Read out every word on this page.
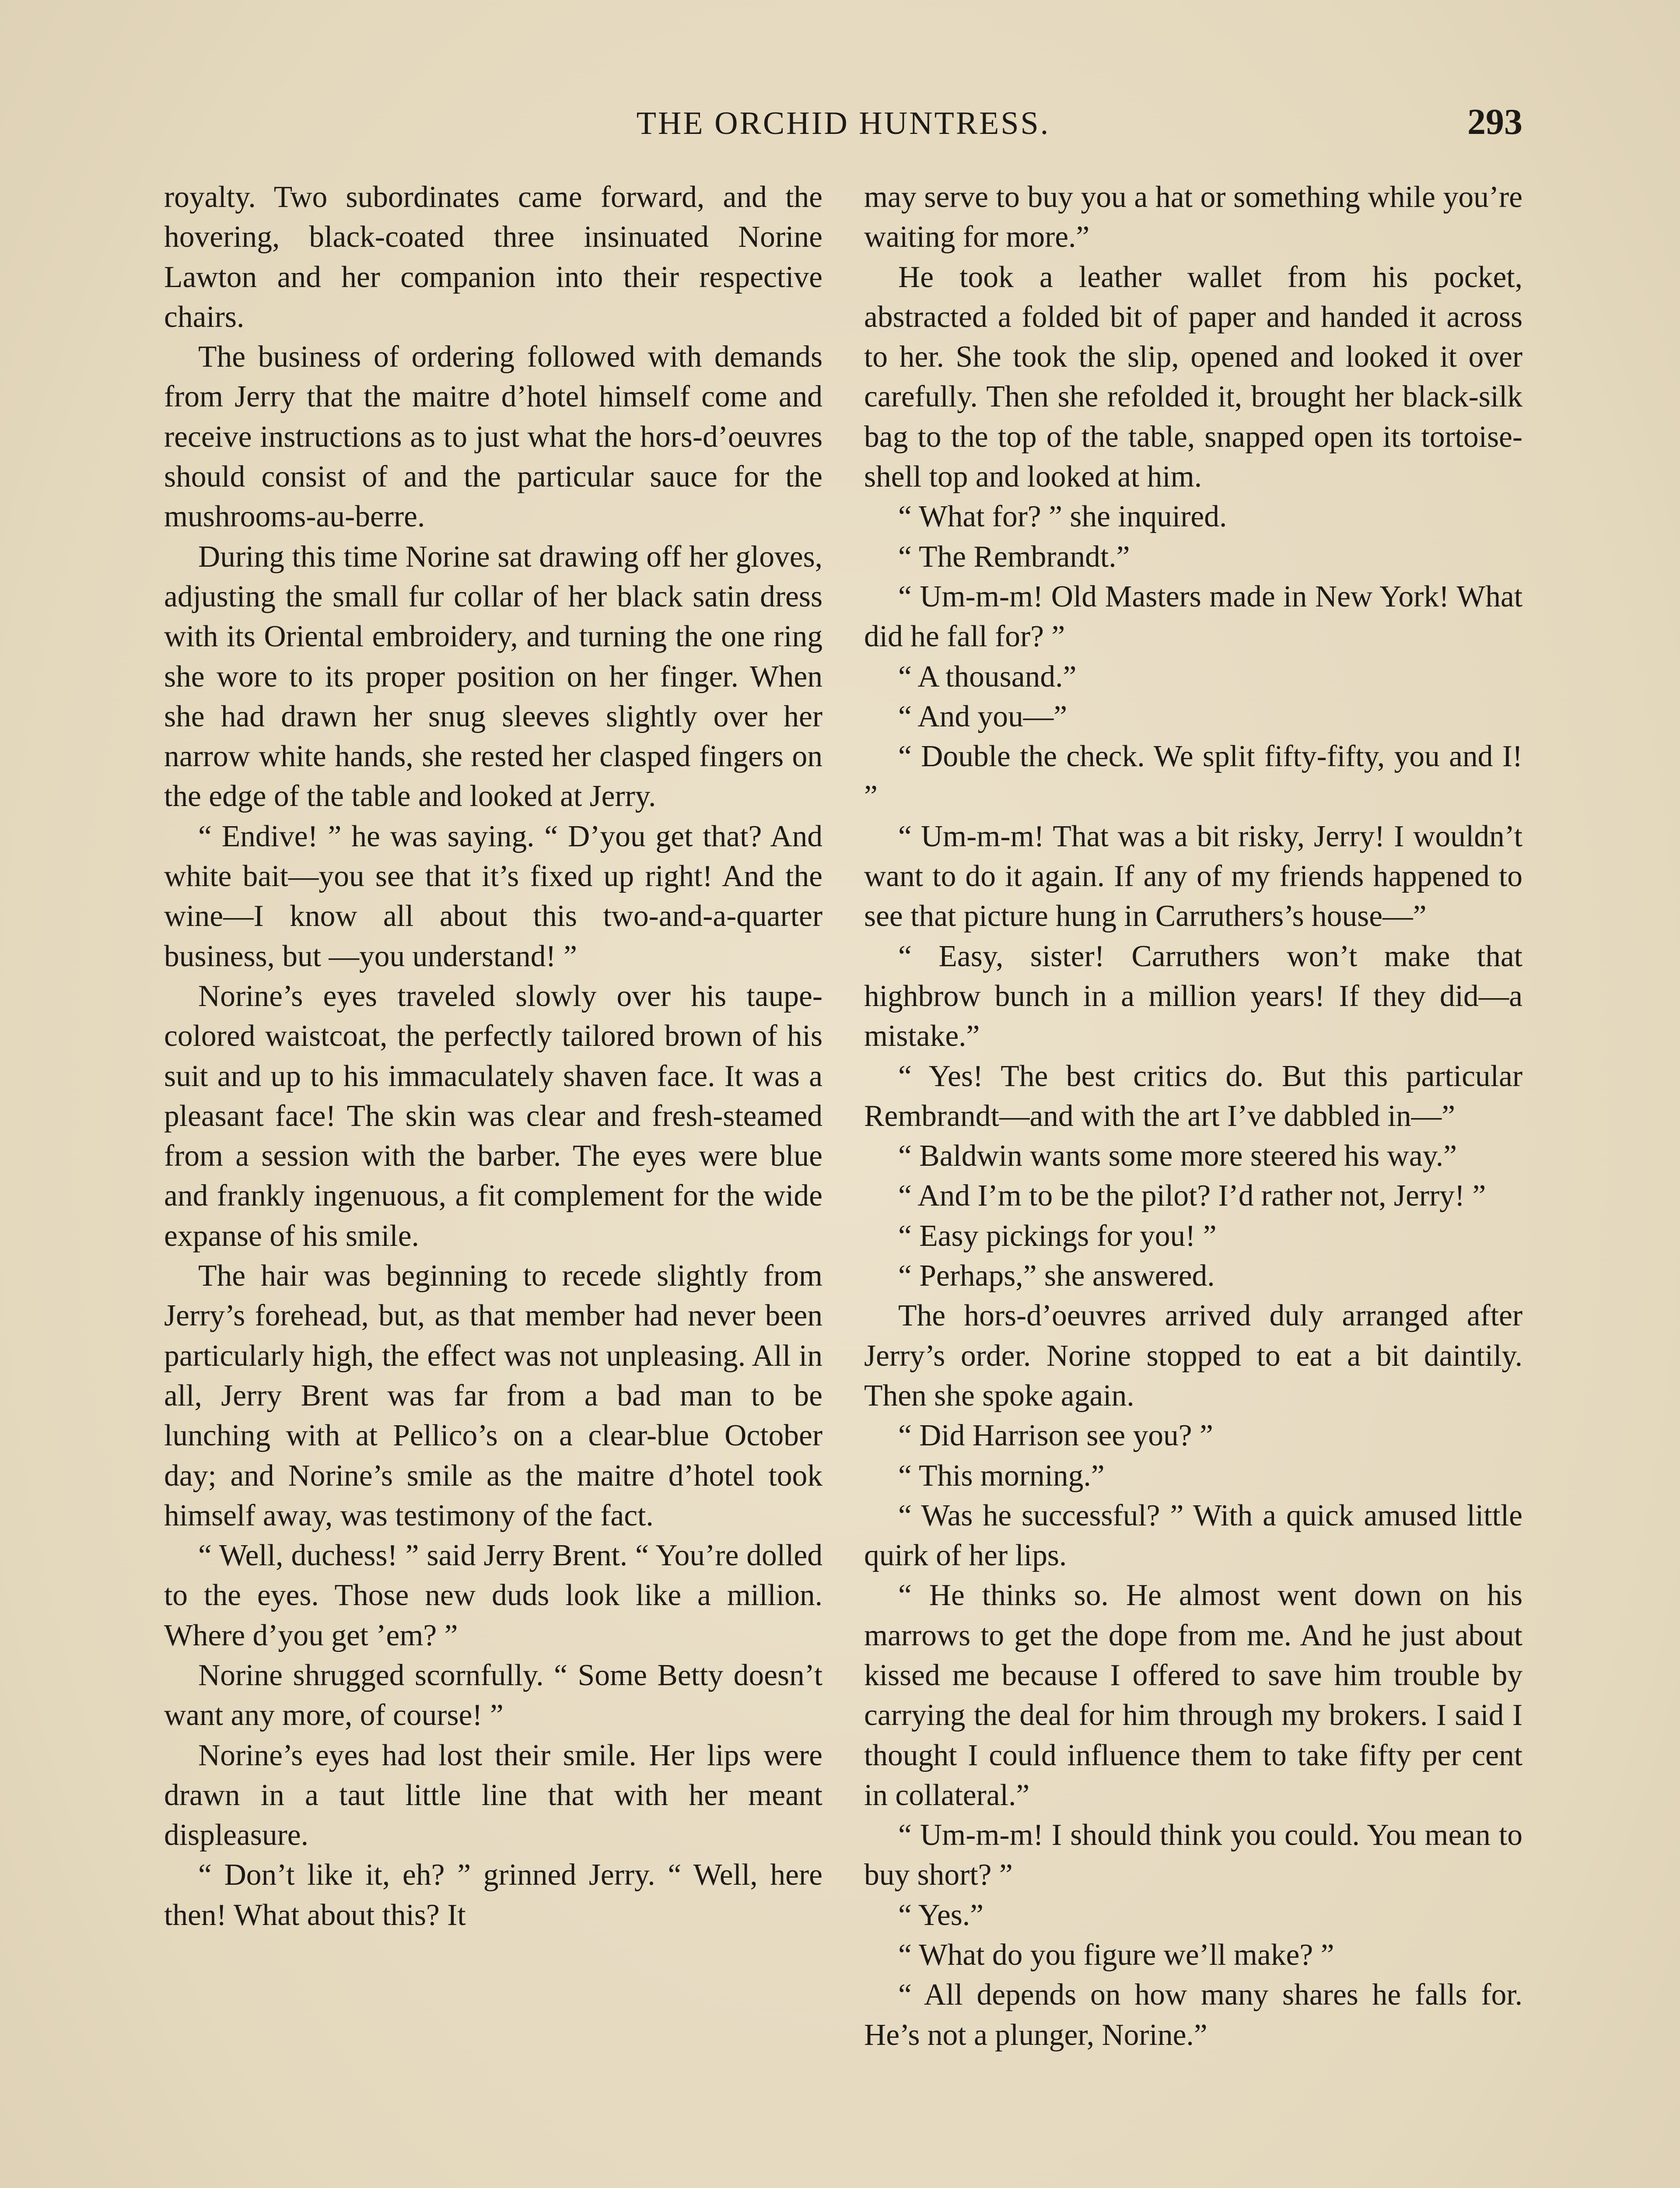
THE ORCHID HUNTRESS.	293

royalty. Two subordinates came forward, and the hovering, black-coated three insinuated Norine Lawton and her companion into their respective chairs.

The business of ordering followed with demands from Jerry that the maitre d’hotel himself come and receive instructions as to just what the hors-d’oeuvres should consist of and the particular sauce for the mushrooms-au-berre.

During this time Norine sat drawing off her gloves, adjusting the small fur collar of her black satin dress with its Oriental embroidery, and turning the one ring she wore to its proper position on her finger. When she had drawn her snug sleeves slightly over her narrow white hands, she rested her clasped fingers on the edge of the table and looked at Jerry.

“ Endive! ” he was saying. “ D’you get that? And white bait—you see that it’s fixed up right! And the wine—I know all about this two-and-a-quarter business, but —you understand! ”

Norine’s eyes traveled slowly over his taupe-colored waistcoat, the perfectly tailored brown of his suit and up to his immaculately shaven face. It was a pleasant face! The skin was clear and fresh-steamed from a session with the barber. The eyes were blue and frankly ingenuous, a fit complement for the wide expanse of his smile.

The hair was beginning to recede slightly from Jerry’s forehead, but, as that member had never been particularly high, the effect was not unpleasing. All in all, Jerry Brent was far from a bad man to be lunching with at Pellico’s on a clear-blue October day; and Norine’s smile as the maitre d’hotel took himself away, was testimony of the fact.

“ Well, duchess! ” said Jerry Brent. “ You’re dolled to the eyes. Those new duds look like a million. Where d’you get ’em? ”

Norine shrugged scornfully. “ Some Betty doesn’t want any more, of course! ”

Norine’s eyes had lost their smile. Her lips were drawn in a taut little line that with her meant displeasure.

“ Don’t like it, eh? ” grinned Jerry. “ Well, here then! What about this? It

may serve to buy you a hat or something while you’re waiting for more.”

He took a leather wallet from his pocket, abstracted a folded bit of paper and handed it across to her. She took the slip, opened and looked it over carefully. Then she refolded it, brought her black-silk bag to the top of the table, snapped open its tortoise-shell top and looked at him.

“ What for? ” she inquired.

“ The Rembrandt.”

“ Um-m-m! Old Masters made in New York! What did he fall for? ”

“ A thousand.”

“ And you—”

“ Double the check. We split fifty-fifty, you and I! ”

“ Um-m-m! That was a bit risky, Jerry! I wouldn’t want to do it again. If any of my friends happened to see that picture hung in Carruthers’s house—”

“ Easy, sister! Carruthers won’t make that highbrow bunch in a million years! If they did—a mistake.”

“ Yes! The best critics do. But this particular Rembrandt—and with the art I’ve dabbled in—”

“ Baldwin wants some more steered his way.”

“ And I’m to be the pilot? I’d rather not, Jerry! ”

“ Easy pickings for you! ”

“ Perhaps,” she answered.

The hors-d’oeuvres arrived duly arranged after Jerry’s order. Norine stopped to eat a bit daintily. Then she spoke again.

“ Did Harrison see you? ”

“ This morning.”

“ Was he successful? ” With a quick amused little quirk of her lips.

“ He thinks so. He almost went down on his marrows to get the dope from me. And he just about kissed me because I offered to save him trouble by carrying the deal for him through my brokers. I said I thought I could influence them to take fifty per cent in collateral.”

“ Um-m-m! I should think you could. You mean to buy short? ”

“ Yes.”

“ What do you figure we’ll make? ”

“ All depends on how many shares he falls for. He’s not a plunger, Norine.”
